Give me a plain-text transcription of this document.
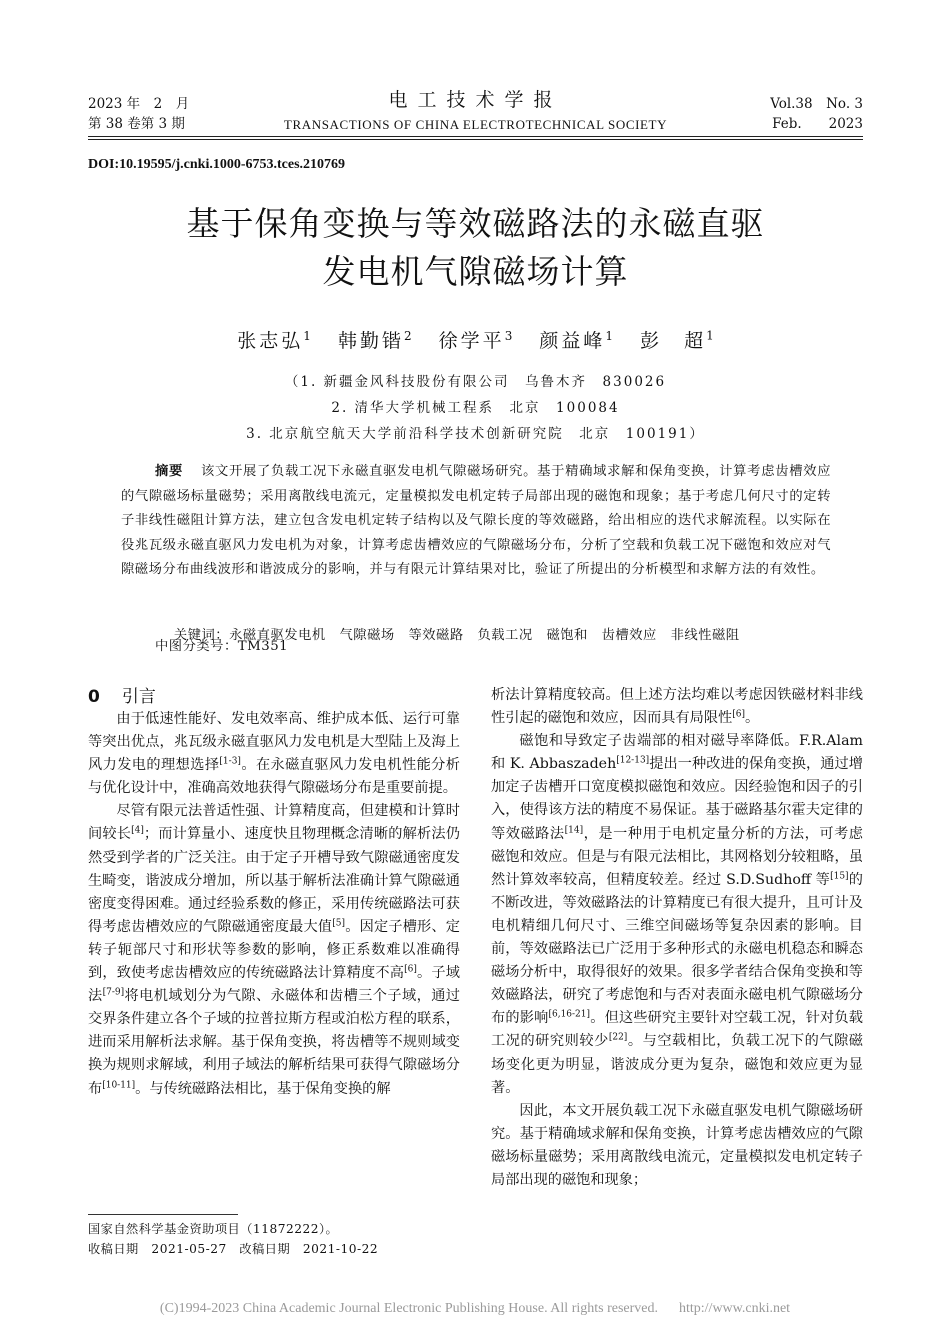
2023 年　2　月
第 38 卷第 3 期
电工技术学报
TRANSACTIONS OF CHINA ELECTROTECHNICAL SOCIETY
Vol.38　No. 3
Feb.　　2023
DOI:10.19595/j.cnki.1000-6753.tces.210769
基于保角变换与等效磁路法的永磁直驱
发电机气隙磁场计算
张志弘$^1$ 韩勤锴$^2$ 徐学平$^3$ 颜益峰$^1$ 彭　超$^1$
（1. 新疆金风科技股份有限公司　乌鲁木齐　830026
2. 清华大学机械工程系　北京　100084
3. 北京航空航天大学前沿科学技术创新研究院　北京　100191）
摘要 该文开展了负载工况下永磁直驱发电机气隙磁场研究。基于精确域求解和保角变换，计算考虑齿槽效应的气隙磁场标量磁势；采用离散线电流元，定量模拟发电机定转子局部出现的磁饱和现象；基于考虑几何尺寸的定转子非线性磁阻计算方法，建立包含发电机定转子结构以及气隙长度的等效磁路，给出相应的迭代求解流程。以实际在役兆瓦级永磁直驱风力发电机为对象，计算考虑齿槽效应的气隙磁场分布，分析了空载和负载工况下磁饱和效应对气隙磁场分布曲线波形和谐波成分的影响，并与有限元计算结果对比，验证了所提出的分析模型和求解方法的有效性。

关键词：永磁直驱发电机　 气隙磁场　 等效磁路　 负载工况　 磁饱和　 齿槽效应　 非线性磁阻

中图分类号：TM351
0 引言

由于低速性能好、发电效率高、维护成本低、运行可靠等突出优点，兆瓦级永磁直驱风力发电机是大型陆上及海上风力发电的理想选择[1-3]。在永磁直驱风力发电机性能分析与优化设计中，准确高效地获得气隙磁场分布是重要前提。

尽管有限元法普适性强、计算精度高，但建模和计算时间较长[4]；而计算量小、速度快且物理概念清晰的解析法仍然受到学者的广泛关注。由于定子开槽导致气隙磁通密度发生畸变，谐波成分增加，所以基于解析法准确计算气隙磁通密度变得困难。通过经验系数的修正，采用传统磁路法可获得考虑齿槽效应的气隙磁通密度最大值[5]。因定子槽形、定转子轭部尺寸和形状等参数的影响，修正系数难以准确得到，致使考虑齿槽效应的传统磁路法计算精度不高[6]。子域法[7-9]将电机域划分为气隙、永磁体和齿槽三个子域，通过交界条件建立各个子域的拉普拉斯方程或泊松方程的联系，进而采用解析法求解。基于保角变换，将齿槽等不规则域变换为规则求解域，利用子域法的解析结果可获得气隙磁场分布[10-11]。与传统磁路法相比，基于保角变换的解

析法计算精度较高。但上述方法均难以考虑因铁磁材料非线性引起的磁饱和效应，因而具有局限性[6]。

磁饱和导致定子齿端部的相对磁导率降低。F.R.Alam 和 K. Abbaszadeh[12-13]提出一种改进的保角变换，通过增加定子齿槽开口宽度模拟磁饱和效应。因经验饱和因子的引入，使得该方法的精度不易保证。基于磁路基尔霍夫定律的等效磁路法[14]，是一种用于电机定量分析的方法，可考虑磁饱和效应。但是与有限元法相比，其网格划分较粗略，虽然计算效率较高，但精度较差。经过 S.D.Sudhoff 等[15]的不断改进，等效磁路法的计算精度已有很大提升，且可计及电机精细几何尺寸、三维空间磁场等复杂因素的影响。目前，等效磁路法已广泛用于多种形式的永磁电机稳态和瞬态磁场分析中，取得很好的效果。很多学者结合保角变换和等效磁路法，研究了考虑饱和与否对表面永磁电机气隙磁场分布的影响[6,16-21]。但这些研究主要针对空载工况，针对负载工况的研究则较少[22]。与空载相比，负载工况下的气隙磁场变化更为明显，谐波成分更为复杂，磁饱和效应更为显著。

因此，本文开展负载工况下永磁直驱发电机气隙磁场研究。基于精确域求解和保角变换，计算考虑齿槽效应的气隙磁场标量磁势；采用离散线电流元，定量模拟发电机定转子局部出现的磁饱和现象；

国家自然科学基金资助项目（11872222）。
收稿日期　2021-05-27　改稿日期　2021-10-22
(C)1994-2023 China Academic Journal Electronic Publishing House. All rights reserved.　  http://www.cnki.net
